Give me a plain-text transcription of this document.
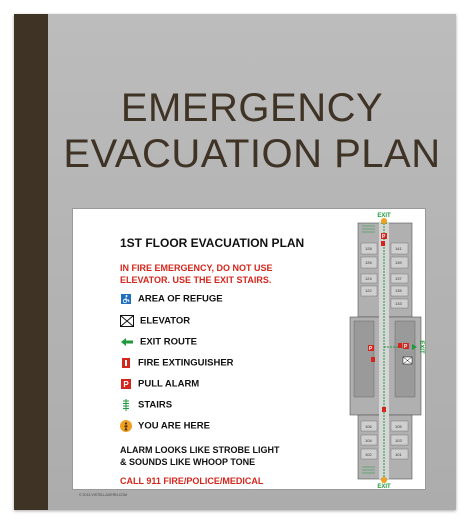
EMERGENCY
EVACUATION PLAN
1ST FLOOR EVACUATION PLAN
IN FIRE EMERGENCY, DO NOT USE
ELEVATOR. USE THE EXIT STAIRS.
AREA OF REFUGE
ELEVATOR
EXIT ROUTE
FIRE EXTINGUISHER
P PULL ALARM
STAIRS
YOU ARE HERE
ALARM LOOKS LIKE STROBE LIGHT
& SOUNDS LIKE WHOOP TONE
CALL 911 FIRE/POLICE/MEDICAL
© 2013 VISTELLAGERN.COM
128	141
126	139
124	137
122	135
133
106	105
104	103
102	101
P
P
P
EXIT
EXIT
EXIT
